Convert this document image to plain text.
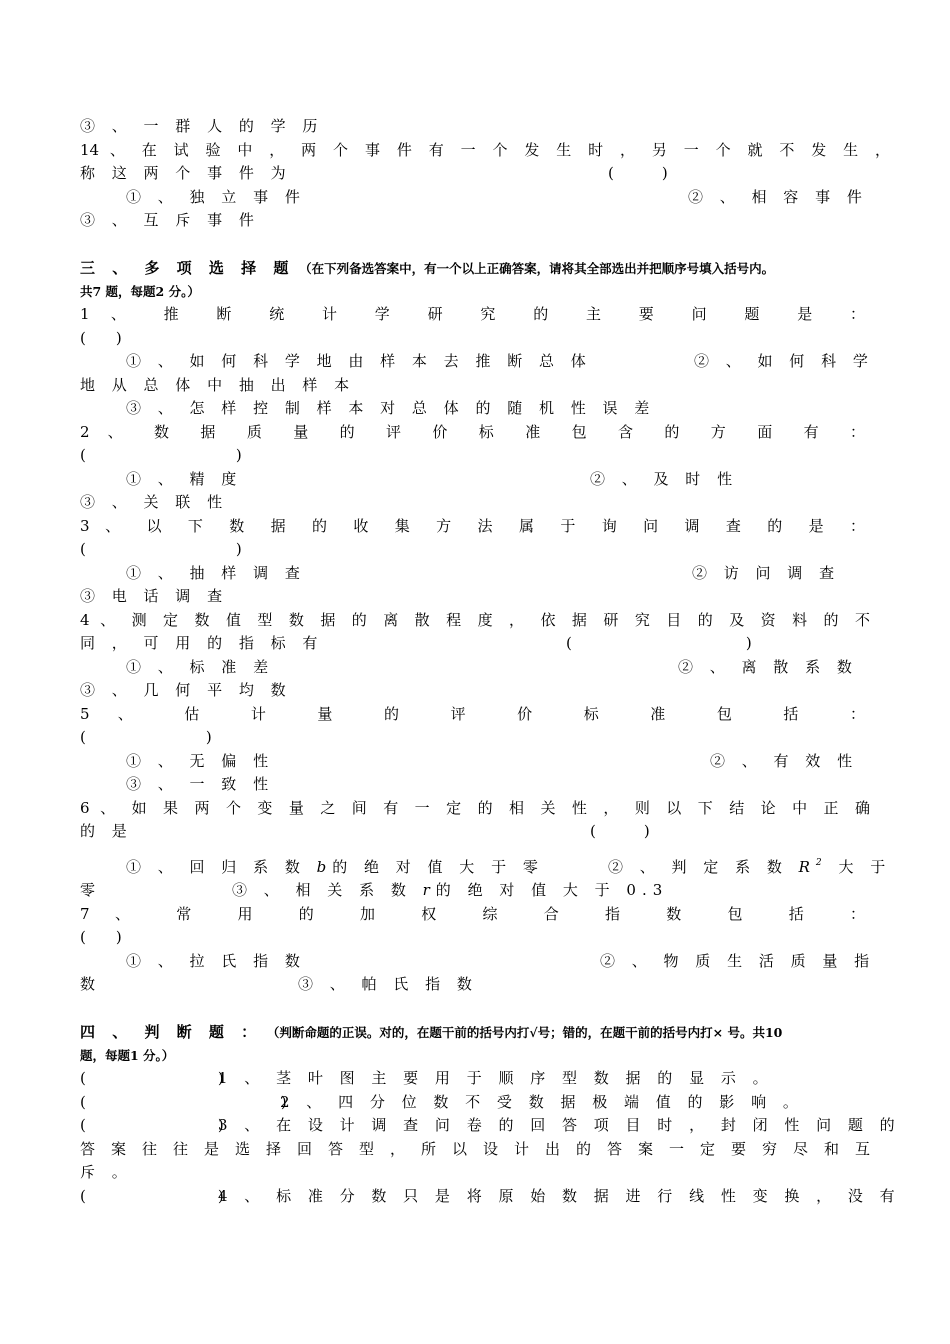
③ 、 一 群 人 的 学 历
14 、 在 试 验 中 ， 两 个 事 件 有 一 个 发 生 时 ， 另 一 个 就 不 发 生 ，
称 这 两 个 事 件 为	(　　)
① 、 独 立 事 件	② 、 相 容 事 件
③ 、 互 斥 事 件
三 、 多 项 选 择 题 （在下列备选答案中，有一个以上正确答案，请将其全部选出并把顺序号填入括号内。
共7 题，每题2 分。）
1 、 推 断 统 计 学 研 究 的 主 要 问 题 是 ：
(　　)
① 、 如 何 科 学 地 由 样 本 去 推 断 总 体	② 、 如 何 科 学
地 从 总 体 中 抽 出 样 本
③ 、 怎 样 控 制 样 本 对 总 体 的 随 机 性 误 差
2 、 数 据 质 量 的 评 价 标 准 包 含 的 方 面 有 ：
(　　　　　　　　　　)
① 、 精 度	② 、 及 时 性
③ 、 关 联 性
3 、 以 下 数 据 的 收 集 方 法 属 于 询 问 调 查 的 是 ：
(　　　　　　　　　　)
① 、 抽 样 调 查	② 访 问 调 查
③ 电 话 调 查
4 、 测 定 数 值 型 数 据 的 离 散 程 度 ， 依 据 研 究 目 的 及 资 料 的 不
同 ， 可 用 的 指 标 有	(　　　　　　　　)
① 、 标 准 差	② 、 离 散 系 数
③ 、 几 何 平 均 数
5 、 估 计 量 的 评 价 标 准 包 括 ：
(　　　　　　　　)
① 、 无 偏 性	② 、 有 效 性
③ 、 一 致 性
6 、 如 果 两 个 变 量 之 间 有 一 定 的 相 关 性 ， 则 以 下 结 论 中 正 确
的 是	(　　)
① 、 回 归 系 数 b的 绝 对 值 大 于 零	② 、 判 定 系 数 $R^2$ 大 于
零	③ 、 相 关 系 数 r的 绝 对 值 大 于 0.3
7 、 常 用 的 加 权 综 合 指 数 包 括 ：
(　　)
① 、 拉 氏 指 数	② 、 物 质 生 活 质 量 指
数	③ 、 帕 氏 指 数
四 、 判 断 题 ： （判断命题的正误。对的，在题干前的括号内打√号；错的，在题干前的括号内打× 号。共10
题，每题1 分。）
(　　　　　　)
1 、 茎 叶 图 主 要 用 于 顺 序 型 数 据 的 显 示 。
(　　　　　　　　　)
2 、 四 分 位 数 不 受 数 据 极 端 值 的 影 响 。
(　　　　　　)
3 、 在 设 计 调 查 问 卷 的 回 答 项 目 时 ， 封 闭 性 问 题 的
答 案 往 往 是 选 择 回 答 型 ， 所 以 设 计 出 的 答 案 一 定 要 穷 尽 和 互
斥 。
(　　　　　　)
4 、 标 准 分 数 只 是 将 原 始 数 据 进 行 线 性 变 换 ， 没 有
